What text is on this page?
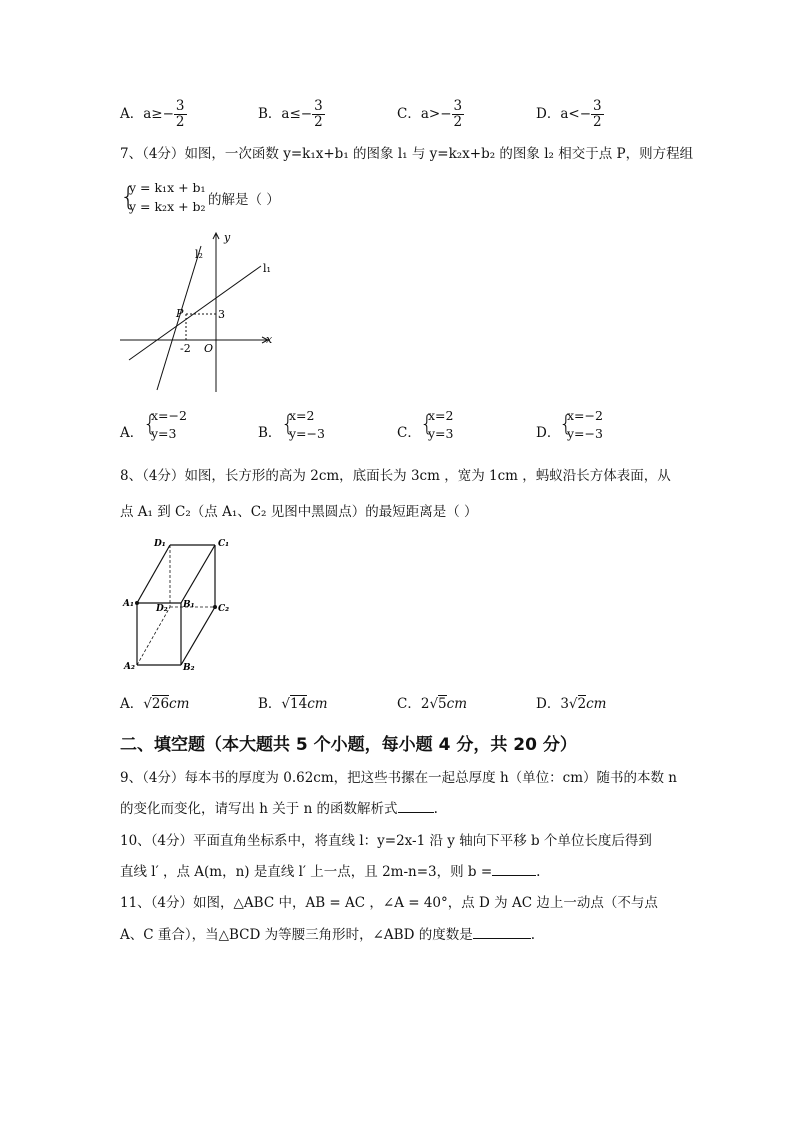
A．$a\ge- \frac{3}{2}$	B．$a\le- \frac{3}{2}$	C．$a>- \frac{3}{2}$	D．$a<- \frac{3}{2}$
7、（4分）如图，一次函数 y=k₁x+b₁ 的图象 l₁ 与 y=k₂x+b₂ 的图象 l₂ 相交于点 P，则方程组
{
y = k₁x + b₁
y = k₂x + b₂ 的解是（ ）
l₁
l₂
y
x
O
P
-2
3
A． {
x=−2
y=3	B． {
x=2
y=−3	C． {
x=2
y=3	D．
{
x=−2
y=−3
8、（4分）如图，长方形的高为 2cm，底面长为 3cm ，宽为 1cm ，蚂蚁沿长方体表面，从
点 A₁ 到 C₂（点 A₁、C₂ 见图中黑圆点）的最短距离是（ ）
D₁	C₁
A₁	B₁	C₂
D₂
A₂	B₂
A．√26cm	B．√14cm	C．2√5cm	D．3√2cm
二、填空题（本大题共 5 个小题，每小题 4 分，共 20 分）
9、（4分）每本书的厚度为 0.62cm，把这些书摞在一起总厚度 h（单位：cm）随书的本数 n
的变化而变化，请写出 h 关于 n 的函数解析式	.
10、（4分）平面直角坐标系中，将直线 l：y=2x-1 沿 y 轴向下平移 b 个单位长度后得到
直线 l′ ，点 A(m，n) 是直线 l′ 上一点，且 2m-n=3，则 b =	.
11、（4分）如图，△ABC 中，AB = AC ，∠A = 40°，点 D 为 AC 边上一动点（不与点
A、C 重合），当△BCD 为等腰三角形时，∠ABD 的度数是	.
